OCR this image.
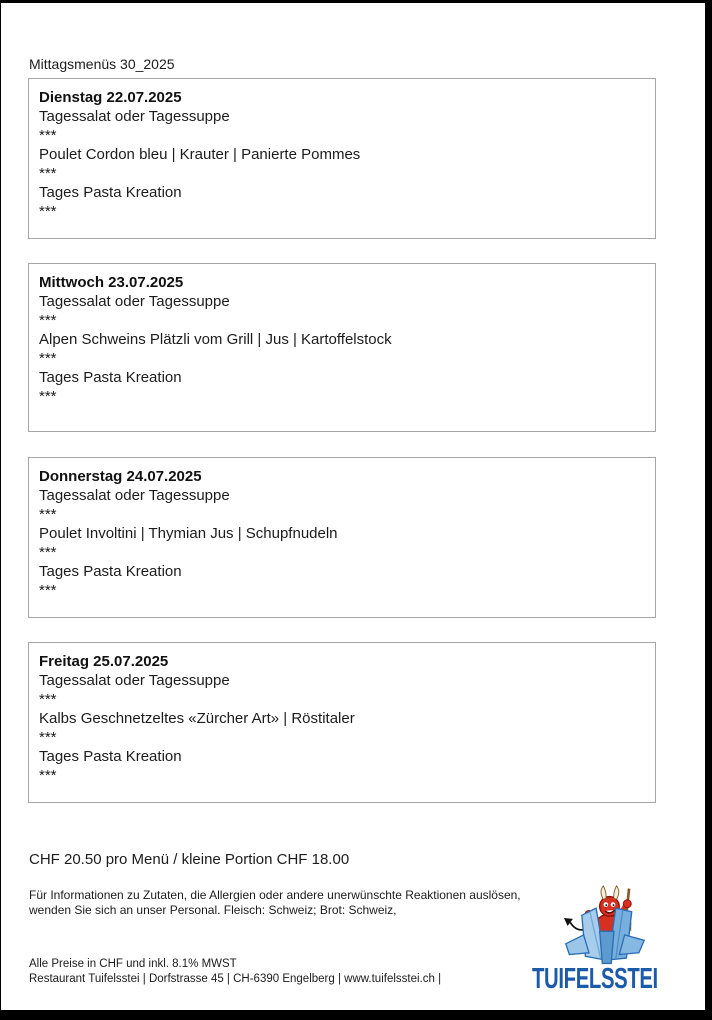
Mittagsmenüs 30_2025
Dienstag 22.07.2025
Tagessalat oder Tagessuppe
***
Poulet Cordon bleu | Krauter | Panierte Pommes
***
Tages Pasta Kreation
***
Mittwoch 23.07.2025
Tagessalat oder Tagessuppe
***
Alpen Schweins Plätzli vom Grill | Jus | Kartoffelstock
***
Tages Pasta Kreation
***
Donnerstag 24.07.2025
Tagessalat oder Tagessuppe
***
Poulet Involtini | Thymian Jus | Schupfnudeln
***
Tages Pasta Kreation
***
Freitag 25.07.2025
Tagessalat oder Tagessuppe
***
Kalbs Geschnetzeltes «Zürcher Art» | Röstitaler
***
Tages Pasta Kreation
***
CHF 20.50 pro Menü / kleine Portion CHF 18.00
Für Informationen zu Zutaten, die Allergien oder andere unerwünschte Reaktionen auslösen,
wenden Sie sich an unser Personal. Fleisch: Schweiz; Brot: Schweiz,
Alle Preise in CHF und inkl. 8.1% MWST
Restaurant Tuifelsstei | Dorfstrasse 45 | CH-6390 Engelberg | www.tuifelsstei.ch |	TUIFELSSTEI
